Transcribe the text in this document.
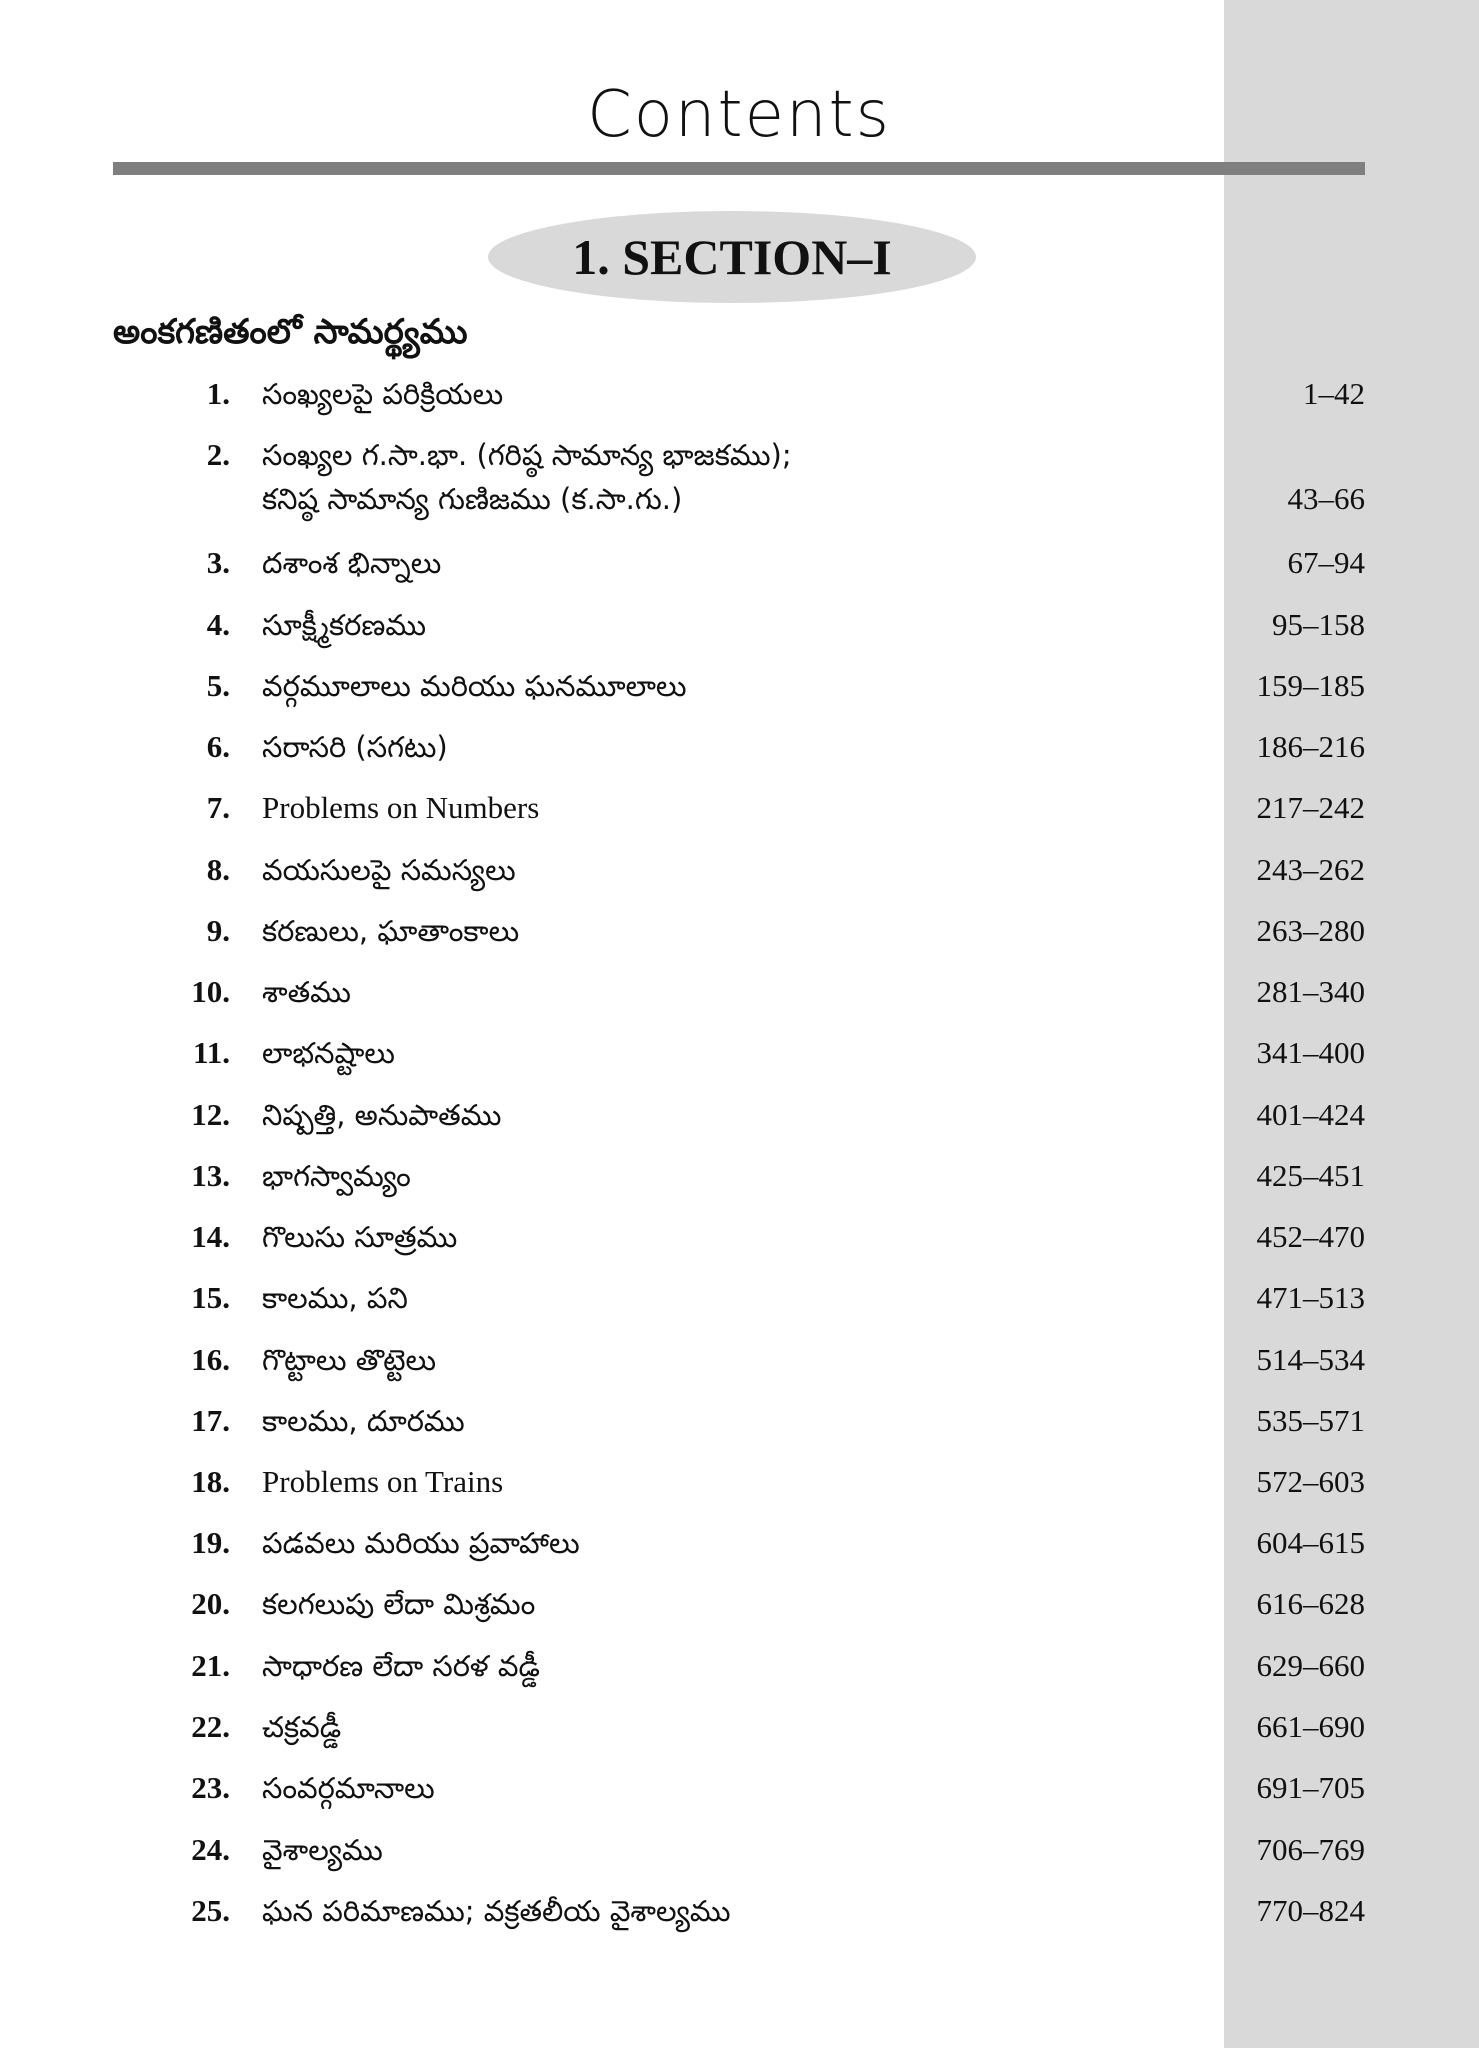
Contents
1. SECTION–I
అంకగణితంలో సామర్థ్యము
1. సంఖ్యలపై పరిక్రియలు	1–42
2. సంఖ్యల గ.సా.భా. (గరిష్ఠ సామాన్య భాజకము);
కనిష్ఠ సామాన్య గుణిజము (క.సా.గు.)	43–66
3. దశాంశ భిన్నాలు	67–94
4. సూక్ష్మీకరణము	95–158
5. వర్గమూలాలు మరియు ఘనమూలాలు	159–185
6. సరాసరి (సగటు)	186–216
7. Problems on Numbers	217–242
8. వయసులపై సమస్యలు	243–262
9. కరణులు, ఘాతాంకాలు	263–280
10. శాతము	281–340
11. లాభనష్టాలు	341–400
12. నిష్పత్తి, అనుపాతము	401–424
13. భాగస్వామ్యం	425–451
14. గొలుసు సూత్రము	452–470
15. కాలము, పని	471–513
16. గొట్టాలు తొట్టెలు	514–534
17. కాలము, దూరము	535–571
18. Problems on Trains	572–603
19. పడవలు మరియు ప్రవాహాలు	604–615
20. కలగలుపు లేదా మిశ్రమం	616–628
21. సాధారణ లేదా సరళ వడ్డీ	629–660
22. చక్రవడ్డీ	661–690
23. సంవర్గమానాలు	691–705
24. వైశాల్యము	706–769
25. ఘన పరిమాణము; వక్రతలీయ వైశాల్యము	770–824
